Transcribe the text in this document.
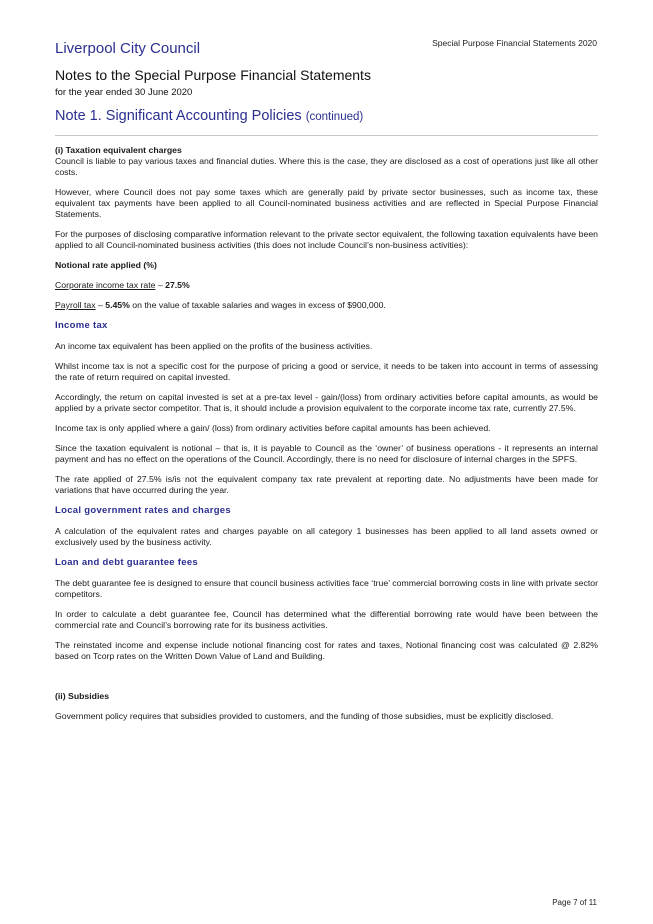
Special Purpose Financial Statements 2020
Liverpool City Council
Notes to the Special Purpose Financial Statements
for the year ended 30 June 2020
Note 1. Significant Accounting Policies (continued)
(i) Taxation equivalent charges

Council is liable to pay various taxes and financial duties. Where this is the case, they are disclosed as a cost of operations just like all other costs.

However, where Council does not pay some taxes which are generally paid by private sector businesses, such as income tax, these equivalent tax payments have been applied to all Council-nominated business activities and are reflected in Special Purpose Financial Statements.

For the purposes of disclosing comparative information relevant to the private sector equivalent, the following taxation equivalents have been applied to all Council-nominated business activities (this does not include Council’s non-business activities):

Notional rate applied (%)

Corporate income tax rate – 27.5%

Payroll tax – 5.45% on the value of taxable salaries and wages in excess of $900,000.

Income tax

An income tax equivalent has been applied on the profits of the business activities.

Whilst income tax is not a specific cost for the purpose of pricing a good or service, it needs to be taken into account in terms of assessing the rate of return required on capital invested.

Accordingly, the return on capital invested is set at a pre-tax level - gain/(loss) from ordinary activities before capital amounts, as would be applied by a private sector competitor. That is, it should include a provision equivalent to the corporate income tax rate, currently 27.5%.

Income tax is only applied where a gain/ (loss) from ordinary activities before capital amounts has been achieved.

Since the taxation equivalent is notional – that is, it is payable to Council as the ‘owner’ of business operations - it represents an internal payment and has no effect on the operations of the Council. Accordingly, there is no need for disclosure of internal charges in the SPFS.

The rate applied of 27.5% is/is not the equivalent company tax rate prevalent at reporting date. No adjustments have been made for variations that have occurred during the year.

Local government rates and charges

A calculation of the equivalent rates and charges payable on all category 1 businesses has been applied to all land assets owned or exclusively used by the business activity.

Loan and debt guarantee fees

The debt guarantee fee is designed to ensure that council business activities face ‘true’ commercial borrowing costs in line with private sector competitors.

In order to calculate a debt guarantee fee, Council has determined what the differential borrowing rate would have been between the commercial rate and Council’s borrowing rate for its business activities.

The reinstated income and expense include notional financing cost for rates and taxes, Notional financing cost was calculated @ 2.82% based on Tcorp rates on the Written Down Value of Land and Building.

(ii) Subsidies

Government policy requires that subsidies provided to customers, and the funding of those subsidies, must be explicitly disclosed.

Page 7 of 11
